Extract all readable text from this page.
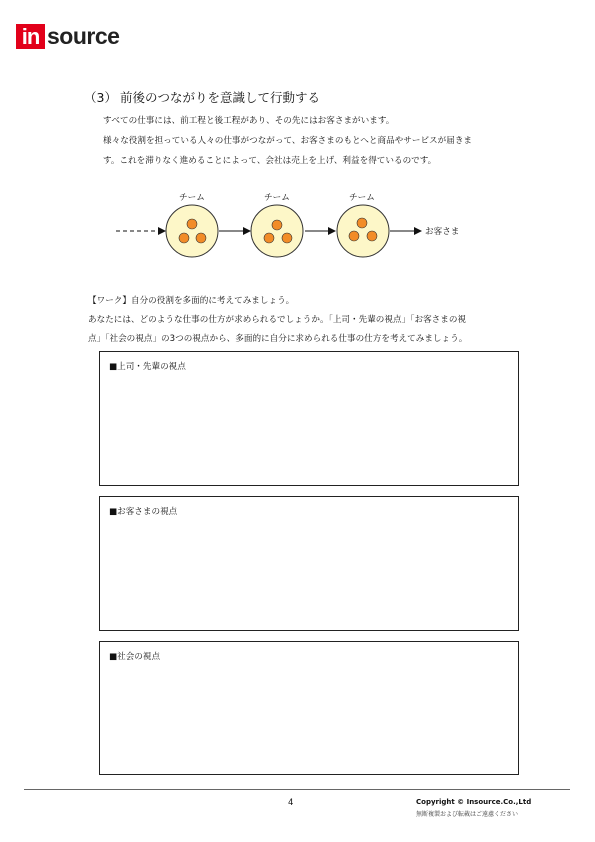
in source
（3） 前後のつながりを意識して行動する
すべての仕事には、前工程と後工程があり、その先にはお客さまがいます。
様々な役割を担っている人々の仕事がつながって、お客さまのもとへと商品やサービスが届きま
す。これを滞りなく進めることによって、会社は売上を上げ、利益を得ているのです。
チーム	チーム	チーム
お客さま
【ワーク】自分の役割を多面的に考えてみましょう。
あなたには、どのような仕事の仕方が求められるでしょうか。「上司・先輩の視点」「お客さまの視
点」「社会の視点」の3つの視点から、多面的に自分に求められる仕事の仕方を考えてみましょう。
■上司・先輩の視点
■お客さまの視点
■社会の視点
4	Copyright © Insource.Co.,Ltd
無断複製および転載はご遠慮ください
